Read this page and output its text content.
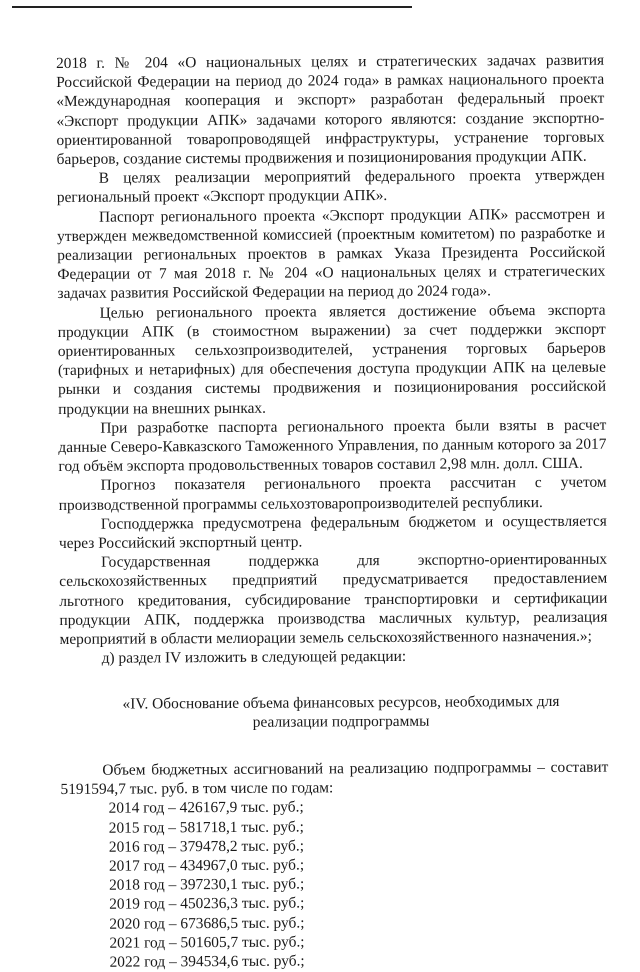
2018 г. № 204 «О национальных целях и стратегических задачах развития Российской Федерации на период до 2024 года» в рамках национального проекта «Международная кооперация и экспорт» разработан федеральный проект «Экспорт продукции АПК» задачами которого являются: создание экспортно-ориентированной товаропроводящей инфраструктуры, устранение торговых барьеров, создание системы продвижения и позиционирования продукции АПК.

В целях реализации мероприятий федерального проекта утвержден региональный проект «Экспорт продукции АПК».

Паспорт регионального проекта «Экспорт продукции АПК» рассмотрен и утвержден межведомственной комиссией (проектным комитетом) по разработке и реализации региональных проектов в рамках Указа Президента Российской Федерации от 7 мая 2018 г. № 204 «О национальных целях и стратегических задачах развития Российской Федерации на период до 2024 года».

Целью регионального проекта является достижение объема экспорта продукции АПК (в стоимостном выражении) за счет поддержки экспорт ориентированных сельхозпроизводителей, устранения торговых барьеров (тарифных и нетарифных) для обеспечения доступа продукции АПК на целевые рынки и создания системы продвижения и позиционирования российской продукции на внешних рынках.

При разработке паспорта регионального проекта были взяты в расчет данные Северо-Кавказского Таможенного Управления, по данным которого за 2017 год объём экспорта продовольственных товаров составил 2,98 млн. долл. США.

Прогноз показателя регионального проекта рассчитан с учетом производственной программы сельхозтоваропроизводителей республики.

Господдержка предусмотрена федеральным бюджетом и осуществляется через Российский экспортный центр.

Государственная поддержка для экспортно-ориентированных сельскохозяйственных предприятий предусматривается предоставлением льготного кредитования, субсидирование транспортировки и сертификации продукции АПК, поддержка производства масличных культур, реализация мероприятий в области мелиорации земель сельскохозяйственного назначения.»;

д) раздел IV изложить в следующей редакции:

«IV. Обоснование объема финансовых ресурсов, необходимых для реализации подпрограммы

Объем бюджетных ассигнований на реализацию подпрограммы – составит 5191594,7 тыс. руб. в том числе по годам:

2014 год – 426167,9 тыс. руб.;
2015 год – 581718,1 тыс. руб.;
2016 год – 379478,2 тыс. руб.;
2017 год – 434967,0 тыс. руб.;
2018 год – 397230,1 тыс. руб.;
2019 год – 450236,3 тыс. руб.;
2020 год – 673686,5 тыс. руб.;
2021 год – 501605,7 тыс. руб.;
2022 год – 394534,6 тыс. руб.;
